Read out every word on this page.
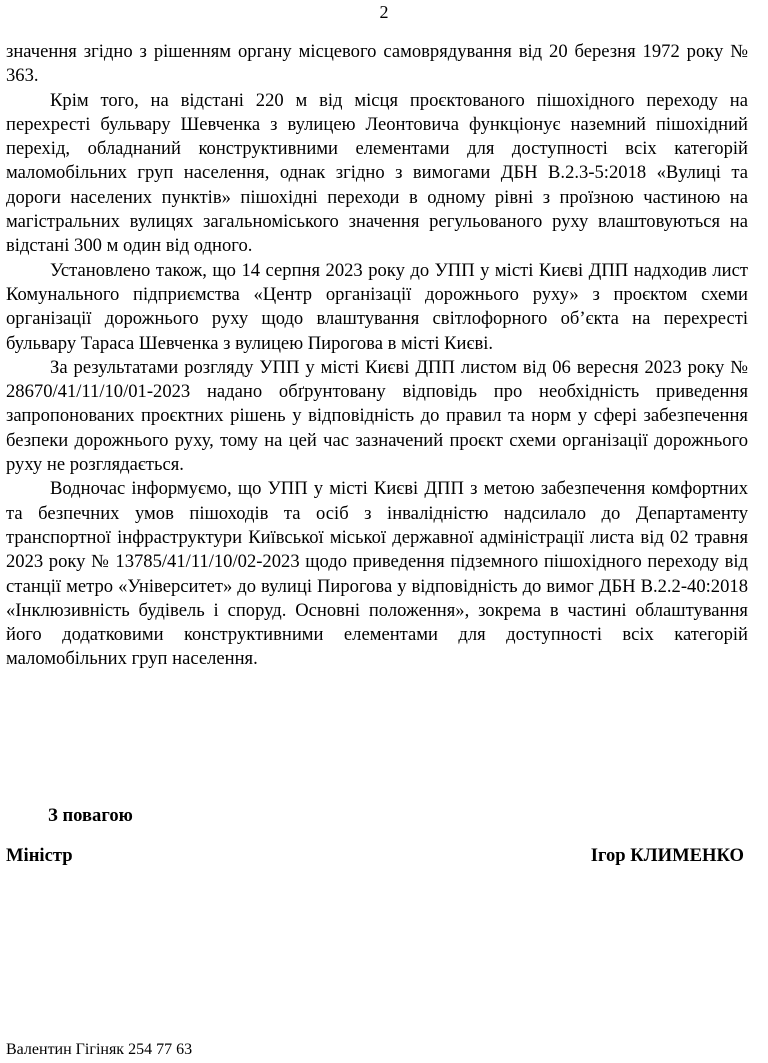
2

значення згідно з рішенням органу місцевого самоврядування від 20 березня 1972 року № 363.

Крім того, на відстані 220 м від місця проєктованого пішохідного переходу на перехресті бульвару Шевченка з вулицею Леонтовича функціонує наземний пішохідний перехід, обладнаний конструктивними елементами для доступності всіх категорій маломобільних груп населення, однак згідно з вимогами ДБН В.2.3-5:2018 «Вулиці та дороги населених пунктів» пішохідні переходи в одному рівні з проїзною частиною на магістральних вулицях загальноміського значення регульованого руху влаштовуються на відстані 300 м один від одного.

Установлено також, що 14 серпня 2023 року до УПП у місті Києві ДПП надходив лист Комунального підприємства «Центр організації дорожнього руху» з проєктом схеми організації дорожнього руху щодо влаштування світлофорного об’єкта на перехресті бульвару Тараса Шевченка з вулицею Пирогова в місті Києві.

За результатами розгляду УПП у місті Києві ДПП листом від 06 вересня 2023 року № 28670/41/11/10/01-2023 надано обґрунтовану відповідь про необхідність приведення запропонованих проєктних рішень у відповідність до правил та норм у сфері забезпечення безпеки дорожнього руху, тому на цей час зазначений проєкт схеми організації дорожнього руху не розглядається.

Водночас інформуємо, що УПП у місті Києві ДПП з метою забезпечення комфортних та безпечних умов пішоходів та осіб з інвалідністю надсилало до Департаменту транспортної інфраструктури Київської міської державної адміністрації листа від 02 травня 2023 року № 13785/41/11/10/02-2023 щодо приведення підземного пішохідного переходу від станції метро «Університет» до вулиці Пирогова у відповідність до вимог ДБН В.2.2-40:2018 «Інклюзивність будівель і споруд. Основні положення», зокрема в частині облаштування його додатковими конструктивними елементами для доступності всіх категорій маломобільних груп населення.

З повагою
Міністр	Ігор КЛИМЕНКО
Валентин Гігіняк 254 77 63
